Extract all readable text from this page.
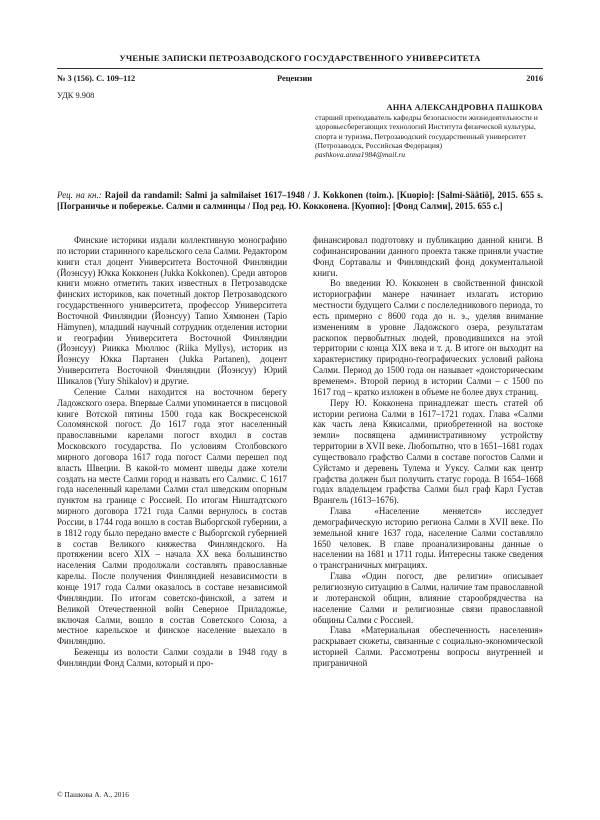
УЧЕНЫЕ ЗАПИСКИ ПЕТРОЗАВОДСКОГО ГОСУДАРСТВЕННОГО УНИВЕРСИТЕТА
№ 3 (156). С. 109–112	Рецензии	2016
УДК 9.908
АННА АЛЕКСАНДРОВНА ПАШКОВА
старший преподаватель кафедры безопасности жизнедеятельности и здоровьесберегающих технологий Института физической культуры, спорта и туризма, Петрозаводский государственный университет (Петрозаводск, Российская Федерация)
pashkova.anna1984@mail.ru
Рец. на кн.: Rajoil da randamil: Salmi ja salmilaiset 1617–1948 / J. Kokkonen (toim.). [Kuopio]: [Salmi-Säätiö], 2015. 655 s. [Пограничье и побережье. Салми и салминцы / Под ред. Ю. Кокконена. [Куопио]: [Фонд Салми], 2015. 655 с.]

Финские историки издали коллективную монографию по истории старинного карельского села Салми. Редактором книги стал доцент Университета Восточной Финляндии (Йоэнсуу) Юкка Кокконен (Jukka Kokkonen). Среди авторов книги можно отметить таких известных в Петрозаводске финских историков, как почетный доктор Петрозаводского государственного университета, профессор Университета Восточной Финляндии (Йоэнсуу) Тапио Хямюнен (Tapio Hämynen), младший научный сотрудник отделения истории и географии Университета Восточной Финляндии (Йоэнсуу) Риикка Мюллюс (Riika Myllys), историк из Йоэнсуу Юкка Партанен (Jukka Partanen), доцент Университета Восточной Финляндии (Йоэнсуу) Юрий Шикалов (Yury Shikalov) и другие.

Селение Салми находится на восточном берегу Ладожского озера. Впервые Салми упоминается в писцовой книге Вотской пятины 1500 года как Воскресенской Соломянской погост. До 1617 года этот населенный православными карелами погост входил в состав Московского государства. По условиям Столбовского мирного договора 1617 года погост Салми перешел под власть Швеции. В какой-то момент шведы даже хотели создать на месте Салми город и назвать его Салмис. С 1617 года населенный карелами Салми стал шведским опорным пунктом на границе с Россией. По итогам Ништадтского мирного договора 1721 года Салми вернулось в состав России, в 1744 года вошло в состав Выборгской губернии, а в 1812 году было передано вместе с Выборгской губернией в состав Великого княжества Финляндского. На протяжении всего XIX – начала XX века большинство населения Салми продолжали составлять православные карелы. После получения Финляндией независимости в конце 1917 года Салми оказалось в составе независимой Финляндии. По итогам советско-финской, а затем и Великой Отечественной войн Северное Приладожье, включая Салми, вошло в состав Советского Союза, а местное карельское и финское население выехало в Финляндию.

Беженцы из волости Салми создали в 1948 году в Финляндии Фонд Салми, который и про-

финансировал подготовку и публикацию данной книги. В софинансировании данного проекта также приняли участие Фонд Сортавалы и Финляндский фонд документальной книги.

Во введении Ю. Кокконен в свойственной финской историографии манере начинает излагать историю местности будущего Салми с послеледникового периода, то есть примерно с 8600 года до н. э., уделяя внимание изменениям в уровне Ладожского озера, результатам раскопок первобытных людей, проводившихся на этой территории с конца XIX века и т. д. В итоге он выходит на характеристику природно-географических условий района Салми. Период до 1500 года он называет «доисторическим временем». Второй период в истории Салми – с 1500 по 1617 год – кратко изложен в объеме не более двух страниц.

Перу Ю. Кокконена принадлежат шесть статей об истории региона Салми в 1617–1721 годах. Глава «Салми как часть лена Кякисалми, приобретенной на востоке земли» посвящена административному устройству территории в XVII веке. Любопытно, что в 1651–1681 годах существовало графство Салми в составе погостов Салми и Суйстамо и деревень Тулема и Ууксу. Салми как центр графства должен был получить статус города. В 1654–1668 годах владельцем графства Салми был граф Карл Густав Врангель (1613–1676).

Глава «Население меняется» исследует демографическую историю региона Салми в XVII веке. По земельной книге 1637 года, население Салми составляло 1650 человек. В главе проанализированы данные о населении на 1681 и 1711 годы. Интересны также сведения о трансграничных миграциях.

Глава «Один погост, две религии» описывает религиозную ситуацию в Салми, наличие там православной и лютеранской общин, влияние старообрядчества на население Салми и религиозные связи православной общины Салми с Россией.

Глава «Материальная обеспеченность населения» раскрывает сюжеты, связанные с социально-экономической историей Салми. Рассмотрены вопросы внутренней и приграничной

© Пашкова А. А., 2016
